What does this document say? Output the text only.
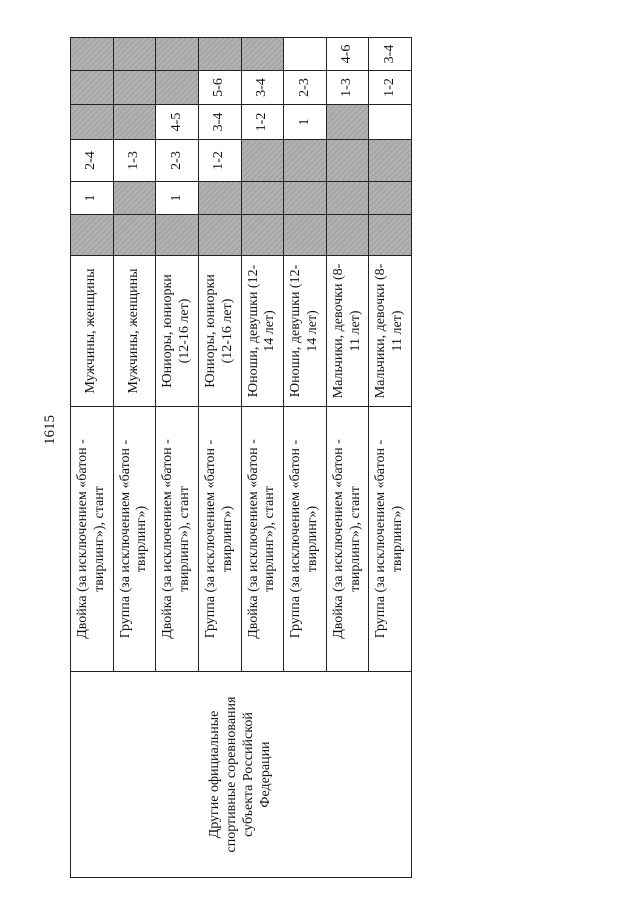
1615
Другие официальные спортивные соревнования субъекта Российской Федерации	Двойка (за исключением «батон - твирлинг»), стант	Мужчины, женщины		1	2-4			
	Группа (за исключением «батон - твирлинг»)	Мужчины, женщины			1-3			
	Двойка (за исключением «батон - твирлинг»), стант	Юниоры, юниорки (12-16 лет)		1	2-3	4-5		
	Группа (за исключением «батон - твирлинг»)	Юниоры, юниорки (12-16 лет)			1-2	3-4	5-6	
	Двойка (за исключением «батон - твирлинг»), стант	Юноши, девушки (12-14 лет)				1-2	3-4	
	Группа (за исключением «батон - твирлинг»)	Юноши, девушки (12-14 лет)				1	2-3	
	Двойка (за исключением «батон - твирлинг»), стант	Мальчики, девочки (8-11 лет)					1-3	4-6
	Группа (за исключением «батон - твирлинг»)	Мальчики, девочки (8-11 лет)					1-2	3-4
